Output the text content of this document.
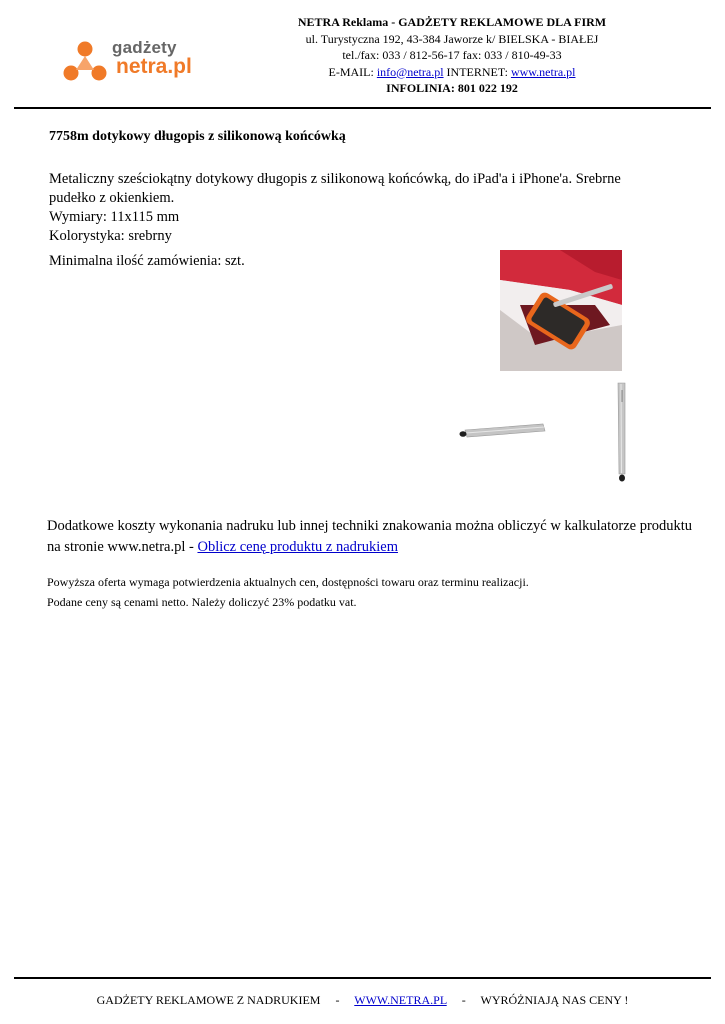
gadżety
netra.pl
NETRA Reklama - GADŻETY REKLAMOWE DLA FIRM
ul. Turystyczna 192, 43-384 Jaworze k/ BIELSKA - BIAŁEJ
tel./fax: 033 / 812-56-17 fax: 033 / 810-49-33
E-MAIL: info@netra.pl INTERNET: www.netra.pl
INFOLINIA: 801 022 192
7758m dotykowy długopis z silikonową końcówką

Metaliczny sześciokątny dotykowy długopis z silikonową końcówką, do iPad'a i iPhone'a. Srebrne pudełko z okienkiem.

Wymiary: 11x115 mm

Kolorystyka: srebrny

Minimalna ilość zamówienia: szt.
Dodatkowe koszty wykonania nadruku lub innej techniki znakowania można obliczyć w kalkulatorze produktu na stronie www.netra.pl - Oblicz cenę produktu z nadrukiem

Powyższa oferta wymaga potwierdzenia aktualnych cen, dostępności towaru oraz terminu realizacji.

Podane ceny są cenami netto. Należy doliczyć 23% podatku vat.

GADŻETY REKLAMOWE Z NADRUKIEM - WWW.NETRA.PL - WYRÓŻNIAJĄ NAS CENY !
